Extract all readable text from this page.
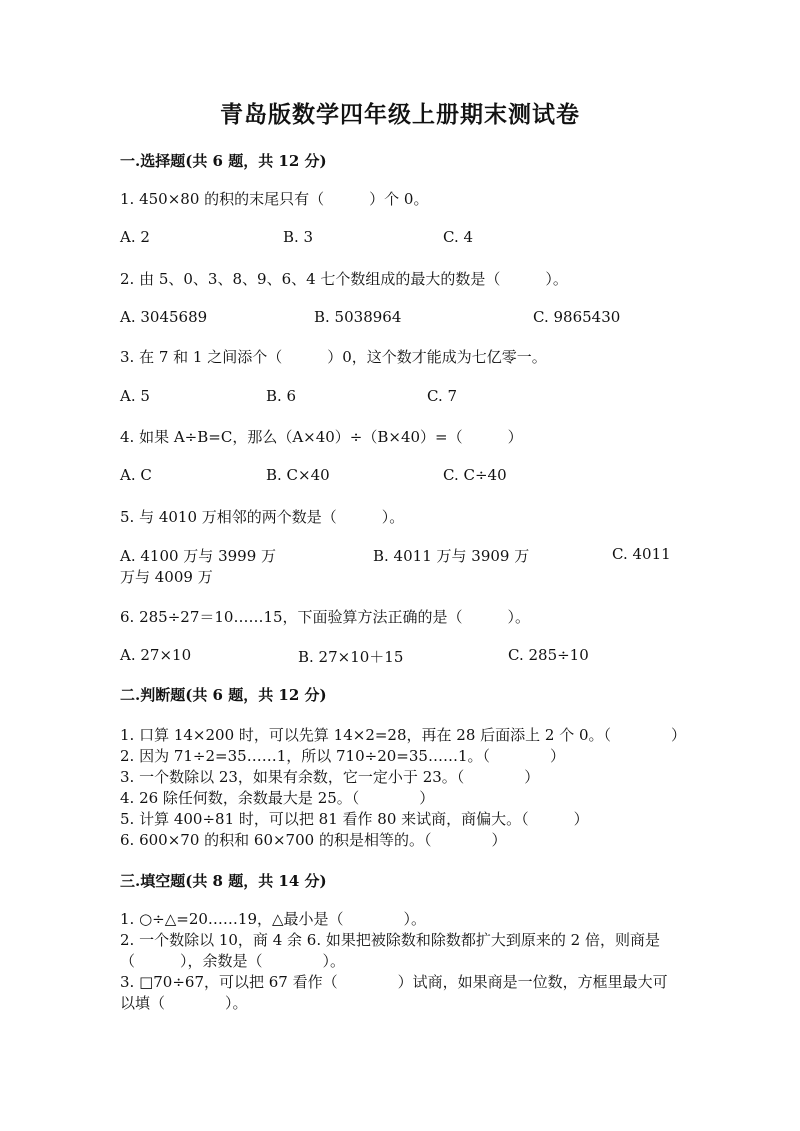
青岛版数学四年级上册期末测试卷
一.选择题(共 6 题，共 12 分)
1. 450×80 的积的末尾只有（　　　）个 0。
A. 2	B. 3	C. 4
2. 由 5、0、3、8、9、6、4 七个数组成的最大的数是（　　　）。
A. 3045689	B. 5038964	C. 9865430
3. 在 7 和 1 之间添个（　　　）0，这个数才能成为七亿零一。
A. 5	B. 6	C. 7
4. 如果 A÷B=C，那么（A×40）÷（B×40）=（　　　）
A. C	B. C×40	C. C÷40
5. 与 4010 万相邻的两个数是（　　　）。
A. 4100 万与 3999 万	B. 4011 万与 3909 万	C. 4011
万与 4009 万
6. 285÷27＝10……15，下面验算方法正确的是（　　　）。
A. 27×10	B. 27×10＋15	C. 285÷10
二.判断题(共 6 题，共 12 分)
1. 口算 14×200 时，可以先算 14×2=28，再在 28 后面添上 2 个 0。（　　　　）
2. 因为 71÷2=35……1，所以 710÷20=35……1。（　　　　）
3. 一个数除以 23，如果有余数，它一定小于 23。（　　　　）
4. 26 除任何数，余数最大是 25。（　　　　）
5. 计算 400÷81 时，可以把 81 看作 80 来试商，商偏大。（　　　）
6. 600×70 的积和 60×700 的积是相等的。（　　　　）
三.填空题(共 8 题，共 14 分)
1. ○÷△=20……19，△最小是（　　　　）。
2. 一个数除以 10，商 4 余 6. 如果把被除数和除数都扩大到原来的 2 倍，则商是
（　　　），余数是（　　　　）。
3. □70÷67，可以把 67 看作（　　　　）试商，如果商是一位数，方框里最大可
以填（　　　　）。
